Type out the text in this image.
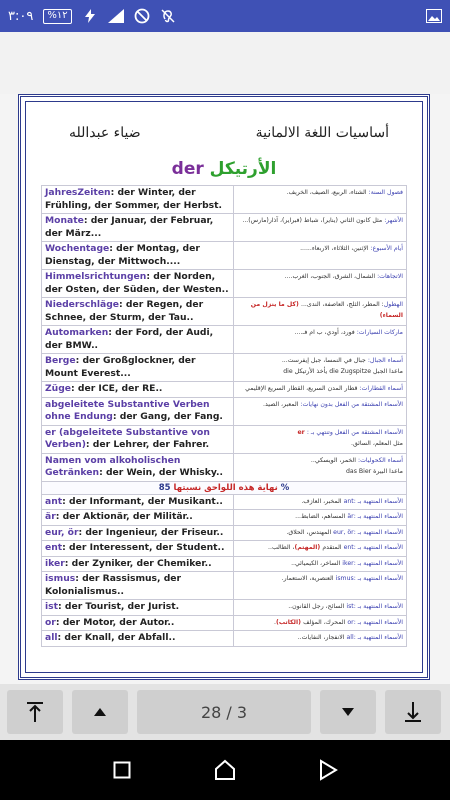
٣:٠٩	%١٢
أساسيات اللغة الالمانية
ضياء عبدالله
der الأرتيكل
JahresZeiten: der Winter, der Frühling, der Sommer, der Herbst.	فصول السنة: الشتاء، الربيع، الصيف، الخريف.
Monate: der Januar, der Februar, der März...	الأشهر: مثل كانون الثاني (يناير)، شباط (فبراير)، آذار(مارس)...
Wochentage: der Montag, der Dienstag, der Mittwoch....	أيام الأسبوع: الإثنين، الثلاثاء، الاربعاء......
Himmelsrichtungen: der Norden, der Osten, der Süden, der Westen..	الاتجاهات: الشمال، الشرق، الجنوب، الغرب....
Niederschläge: der Regen, der Schnee, der Sturm, der Tau..	الهطول: المطر، الثلج، العاصفة، الندى... (كل ما ينزل من السماء)
Automarken: der Ford, der Audi, der BMW..	ماركات السيارات: فورد، أودي، ب ام فـ....
Berge: der Großglockner, der Mount Everest...	أسماء الجبال: جبال في النمسا، جبل إيفرست...
ماعدا الجبل die Zugspitze يأخذ الأرتيكل die
Züge: der ICE, der RE..	أسماء القطارات: قطار المدن السريع، القطار السريع الإقليمي
abgeleitete Substantive Verben ohne Endung: der Gang, der Fang.	الأسماء المشتقة من الفعل بدون نهايات: المعبر، الصيد.
er (abgeleitete Substantive von Verben): der Lehrer, der Fahrer.	الأسماء المشتقة من الفعل وتنتهي بـ : er
مثل المعلم، السائق.
Namen vom alkoholischen Getränken: der Wein, der Whisky..	أسماء الكحوليات: الخمر، الويسكي..
ماعدا البيرة das Bier
نهاية هذه اللواحق نسبتها 85 %	
ant: der Informant, der Musikant..	الأسماء المنتهية بـ :ant المخبر، العازف.
är: der Aktionär, der Militär..	الأسماء المنتهية بـ :är المساهم، الضابط...
eur, ör: der Ingenieur, der Friseur..	الأسماء المنتهية بـ :eur, ör المهندس، الحلاق.
ent: der Interessent, der Student..	الأسماء المنتهية بـ :ent المتقدم (المهتم)، الطالب..
iker: der Zyniker, der Chemiker..	الأسماء المنتهية بـ :iker الساخر، الكيميائي..
ismus: der Rassismus, der Kolonialismus..	الأسماء المنتهية بـ :ismus العنصرية، الاستعمار.
ist: der Tourist, der Jurist.	الأسماء المنتهية بـ :ist السائح، رجل القانون..
or: der Motor, der Autor..	الأسماء المنتهية بـ :or المحرك، المؤلف (الكاتب).
all: der Knall, der Abfall..	الأسماء المنتهية بـ :all الانفجار، النفايات..
28 / 3
